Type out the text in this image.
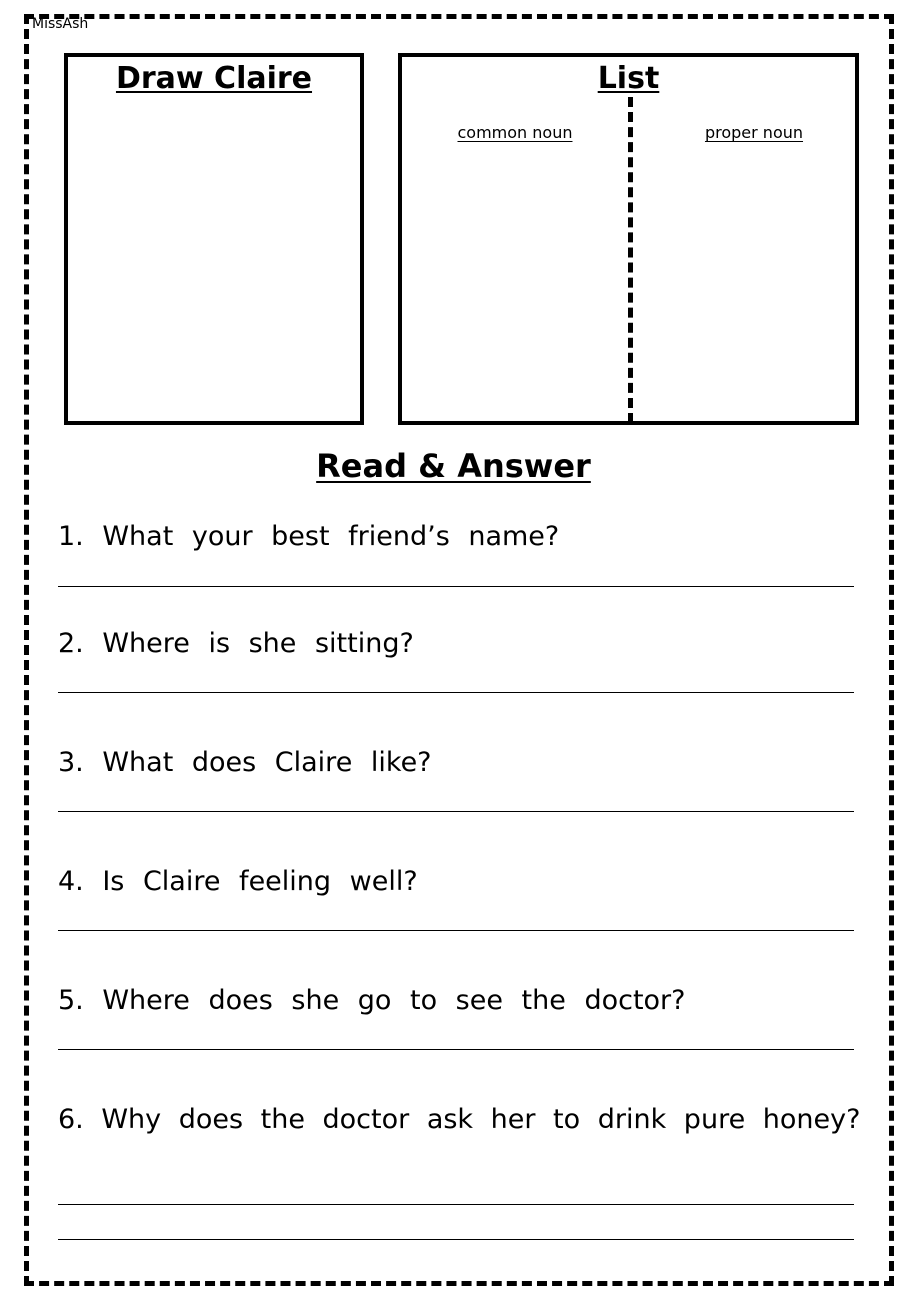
MissAsh
Draw Claire	List
common noun	proper noun
Read & Answer
1. What your best friend’s name?
2. Where is she sitting?
3. What does Claire like?
4. Is Claire feeling well?
5. Where does she go to see the doctor?
6. Why does the doctor ask her to drink pure honey?
